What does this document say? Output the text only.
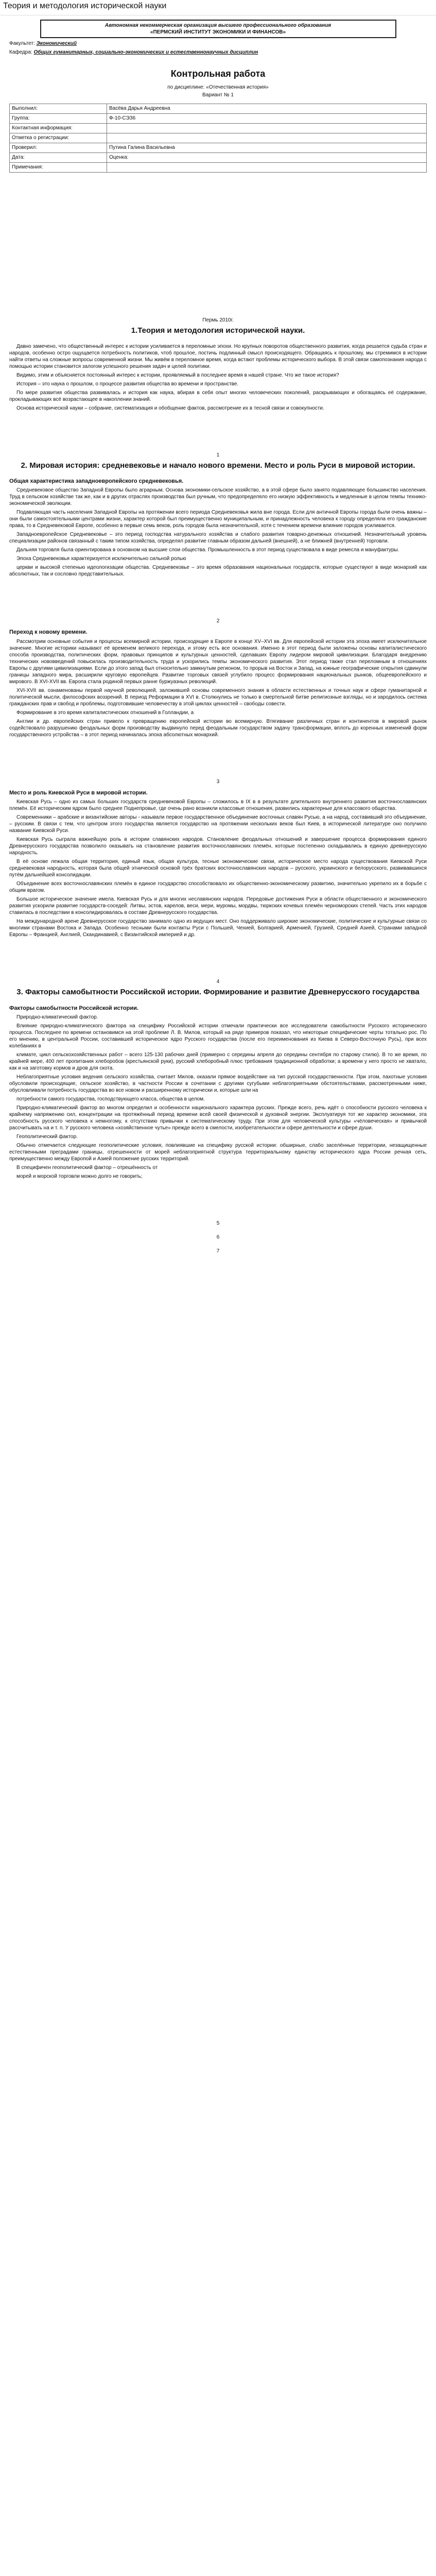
Теория и методология исторической науки
Автономная некоммерческая организация высшего профессионального образования
«ПЕРМСКИЙ ИНСТИТУТ ЭКОНОМИКИ И ФИНАНСОВ»
Факультет: Экономический
Кафедра: Общих гуманитарных, социально-экономических и естественнонаучных дисциплин
Контрольная работа
по дисциплине: «Отечественная история»
Вариант № 1
Выполнил:	Васёва Дарья Андреевна
Группа:	Ф-10-СЭЗ6
Контактная информация:	
Отметка о регистрации:	
Проверил:	Путина Галина Васильевна
Дата:	Оценка:
Примечания:	
Пермь 2010г.
1.Теория и методология исторической науки.

Давно замечено, что общественный интерес к истории усиливается в переломные эпохи. Но крупных поворотов общественного развития, когда решается судьба стран и народов, особенно остро ощущается потребность политиков, чтоб прошлое, постичь подлинный смысл происходящего. Обращаясь к прошлому, мы стремимся в истории найти ответы на сложные вопросы современной жизни. Мы живём в переломное время, когда встают проблемы исторического выбора. В этой связи самопознания народа с помощью истории становится залогом успешного решения задач и целей политики.

Видимо, этим и объясняется постоянный интерес к истории, проявляемый в последнее время в нашей стране. Что же такое история?

История – это наука о прошлом, о процессе развития общества во времени и пространстве.

По мере развития общества развивалась и история как наука, вбирая в себя опыт многих человеческих поколений, раскрывающих и обогащаясь её содержание, прокладывающих всё возрастающее в накоплении знаний.

Основа исторической науки – собрание, систематизация и обобщение фактов, рассмотрение их в тесной связи и совокупности.

1
2. Мировая история: средневековье и начало нового времени. Место и роль Руси в мировой истории.
Общая характеристика западноевропейского средневековья.

Средневековое общество Западной Европы было аграрным. Основа экономики-сельское хозяйство, а в этой сфере было занято подавляющее большинство населения. Труд в сельском хозяйстве так же, как и в других отраслях производства был ручным, что предопределяло его низкую эффективность и медленные в целом темпы технико-экономической эволюции.

Подавляющая часть населения Западной Европы на протяжении всего периода Средневековья жила вне города. Если для античной Европы города были очень важны – они были самостоятельными центрами жизни, характер которой был преимущественно муниципальным, и принадлежность человека к городу определяла его гражданские права, то в Средневековой Европе, особенно в первые семь веков, роль городов была незначительной, хотя с течением времени влияние городов усиливается.

Западноевропейское Средневековье – это период господства натурального хозяйства и слабого развития товарно-денежных отношений. Незначительный уровень специализации районов связанный с таким типом хозяйства, определял развитие главным образом дальней (внешней), а не ближней (внутренней) торговли.

Дальняя торговля была ориентирована в основном на высшие слои общества. Промышленность в этот период существовала в виде ремесла и мануфактуры.

Эпоха Средневековья характеризуется исключительно сильной ролью

церкви и высокой степенью идеологизации общества. Средневековье – это время образования национальных государств, которые существуют в виде монархий как абсолютных, так и сословно представительных.

2
Переход к новому времени.

Рассмотрим основные события и процессы всемирной истории, происходящие в Европе в конце XV–XVI вв. Для европейской истории эта эпоха имеет исключительное значение. Многие историки называют её временем великого перехода, и этому есть все основания. Именно в этот период были заложены основы капиталистического способа производства, политических форм, правовых принципов и культурных ценностей, сделавших Европу лидером мировой цивилизации. Благодаря внедрению технических нововведений повысилась производительность труда и ускорились темпы экономического развития. Этот период также стал переломным в отношениях Европы с другими цивилизациями. Если до этого запад был относительно замкнутым регионом, то прорыв на Восток и Запад, на южные географические открытия сдвинули границы западного мира, расширили круговую европейцев. Развитие торговых связей углубило процесс формирования национальных рынков, общеевропейского и мирового. В XVI-XVII вв. Европа стала родиной первых ранне буржуазных революций.

XVI-XVII вв. ознаменованы первой научной революцией, заложившей основы современного знания в области естественных и точных наук и сфере гуманитарной и политической мысли, философских воззрений. В период Реформации в XVI в. Столкнулись не только в смертельной битве религиозные взгляды, но и зародилось система гражданских прав и свобод и проблемы, подготовившие человечеству в этой циклах ценностей – свободы совести.

Формирование в это время капиталистических отношений в Голландии, а

Англии и др. европейских стран привело к превращению европейской истории во всемирную. Втягивание различных стран и континентов в мировой рынок содействовало разрушению феодальных форм производству выдвинуло перед феодальным государством задачу трансформации, вплоть до коренных изменений форм государственного устройства – в этот период начиналась эпоха абсолютных монархий.

3
Место и роль Киевской Руси в мировой истории.

Киевская Русь – одно из самых больших государств средневековой Европы – сложилось в IX в в результате длительного внутреннего развития восточнославянских племён. Её историческим ядром было среднее Поднепровье, где очень рано возникли классовые отношения, развились характерные для классового общества.

Современники – арабские и византийские авторы - называли первое государственное объединение восточных славян Русью, а на народ, составивший это объединение, – русским. В связи с тем, что центром этого государства является государство на протяжении нескольких веков был Киев, в исторической литературе оно получило название Киевской Руси.

Киевская Русь сыграла важнейшую роль в истории славянских народов. Становление феодальных отношений и завершение процесса формирования единого Древнерусского государства позволило оказывать на становление развития восточнославянских племён, которые постепенно складывались в единую древнерусскую народность.

В её основе лежала общая территория, единый язык, общая культура, тесные экономические связи, историческое место народа существования Киевской Руси средневековая народность, которая была общей этнической основой трёх братских восточнославянских народов – русского, украинского и белорусского, развивавшихся путём дальнейшей консолидации.

Объединение всех восточнославянских племён в единое государство способствовало их общественно-экономическому развитию, значительно укрепило их в борьбе с общим врагом.

Большое историческое значение имела. Киевская Русь и для многих неславянских народов. Передовые достижения Руси в области общественного и экономического развития ускорили развитие государств-соседей: Литвы, эстов, карелов, веси, мери, муромы, мордвы, тюркских кочевых племён черноморских степей. Часть этих народов ставилась в последствии в консолидировалась в составе Древнерусского государства.

На международной арене Древнерусское государство занимало одно из ведущих мест. Оно поддерживало широкие экономические, политические и культурные связи со многими странами Востока и Запада. Особенно тесными были контакты Руси с Польшей, Чехией, Болгарией, Арменией, Грузией, Средней Азией, Странами западной Европы – Францией, Англией, Скандинавией, с Византийской империей и др.

4
3. Факторы самобытности Российской истории. Формирование и развитие Древнерусского государства
Факторы самобытности Российской истории.

Природно-климатический фактор.

Влияние природно-климатического фактора на специфику Российской истории отмечали практически все исследователи самобытности Русского исторического процесса. Последнее по времени остановимся на этой проблеме Л. В. Милов, который на ряде примеров показал, что некоторые специфические черты тотально рос. По его мнению, в центральной России, составившей историческое ядро Русского государства (после его переименования из Киева в Северо-Восточную Русь), при всех колебаниях в

климате, цикл сельскохозяйственных работ – всего 125-130 рабочих дней (примерно с середины апреля до середины сентября по старому стилю). В то же время, по крайней мере, 400 лет пропитания хлеборобов (крестьянской руки), русский хлеборобный плюс требования традиционной обработки; а времени у него просто не хватало, как и на заготовку кормов и дров для скота.

Неблагоприятные условия ведения сельского хозяйства, считает Милов, оказали прямое воздействие на тип русской государственности. При этом, пахотные условия обусловили происходящие, сельское хозяйство, в частности России в сочетании с другими сугубыми неблагоприятными обстоятельствами, рассмотренными ниже, обусловливали потребность государства во все новом и расширенному исторически и, которые шли на

потребности самого государства, господствующего класса, общества в целом.

Природно-климатический фактор во многом определил и особенности национального характера русских. Прежде всего, речь идёт о способности русского человека к крайнему напряжению сил, концентрации на протяжённый период времени всей своей физической и духовной энергии. Эксплуатируя тот же характер экономики, эта способность русского человека к немногому, к отсутствию привычки к систематическому труду. При этом для человеческой культуры «чёловеческая» и привычкой рассчитывать на и т. п. У русского человека «хозяйственное чутье» прежде всего в смелости, изобретательности и сфере деятельности и сфере души.

Геополитический фактор.

Обычно отмечается следующие геополитические условия, повлиявшие на специфику русской истории: обширные, слабо заселённые территории, незащищенные естественными преградами границы, отрешенности от морей неблагоприятной структура территориальному единству исторического ядра России речная сеть, преимущественно между Европой и Азией положение русских территорий.

В специфичен геополитический фактор – отрешённость от

морей и морской торговли можно долго не говорить;

5
6
7
